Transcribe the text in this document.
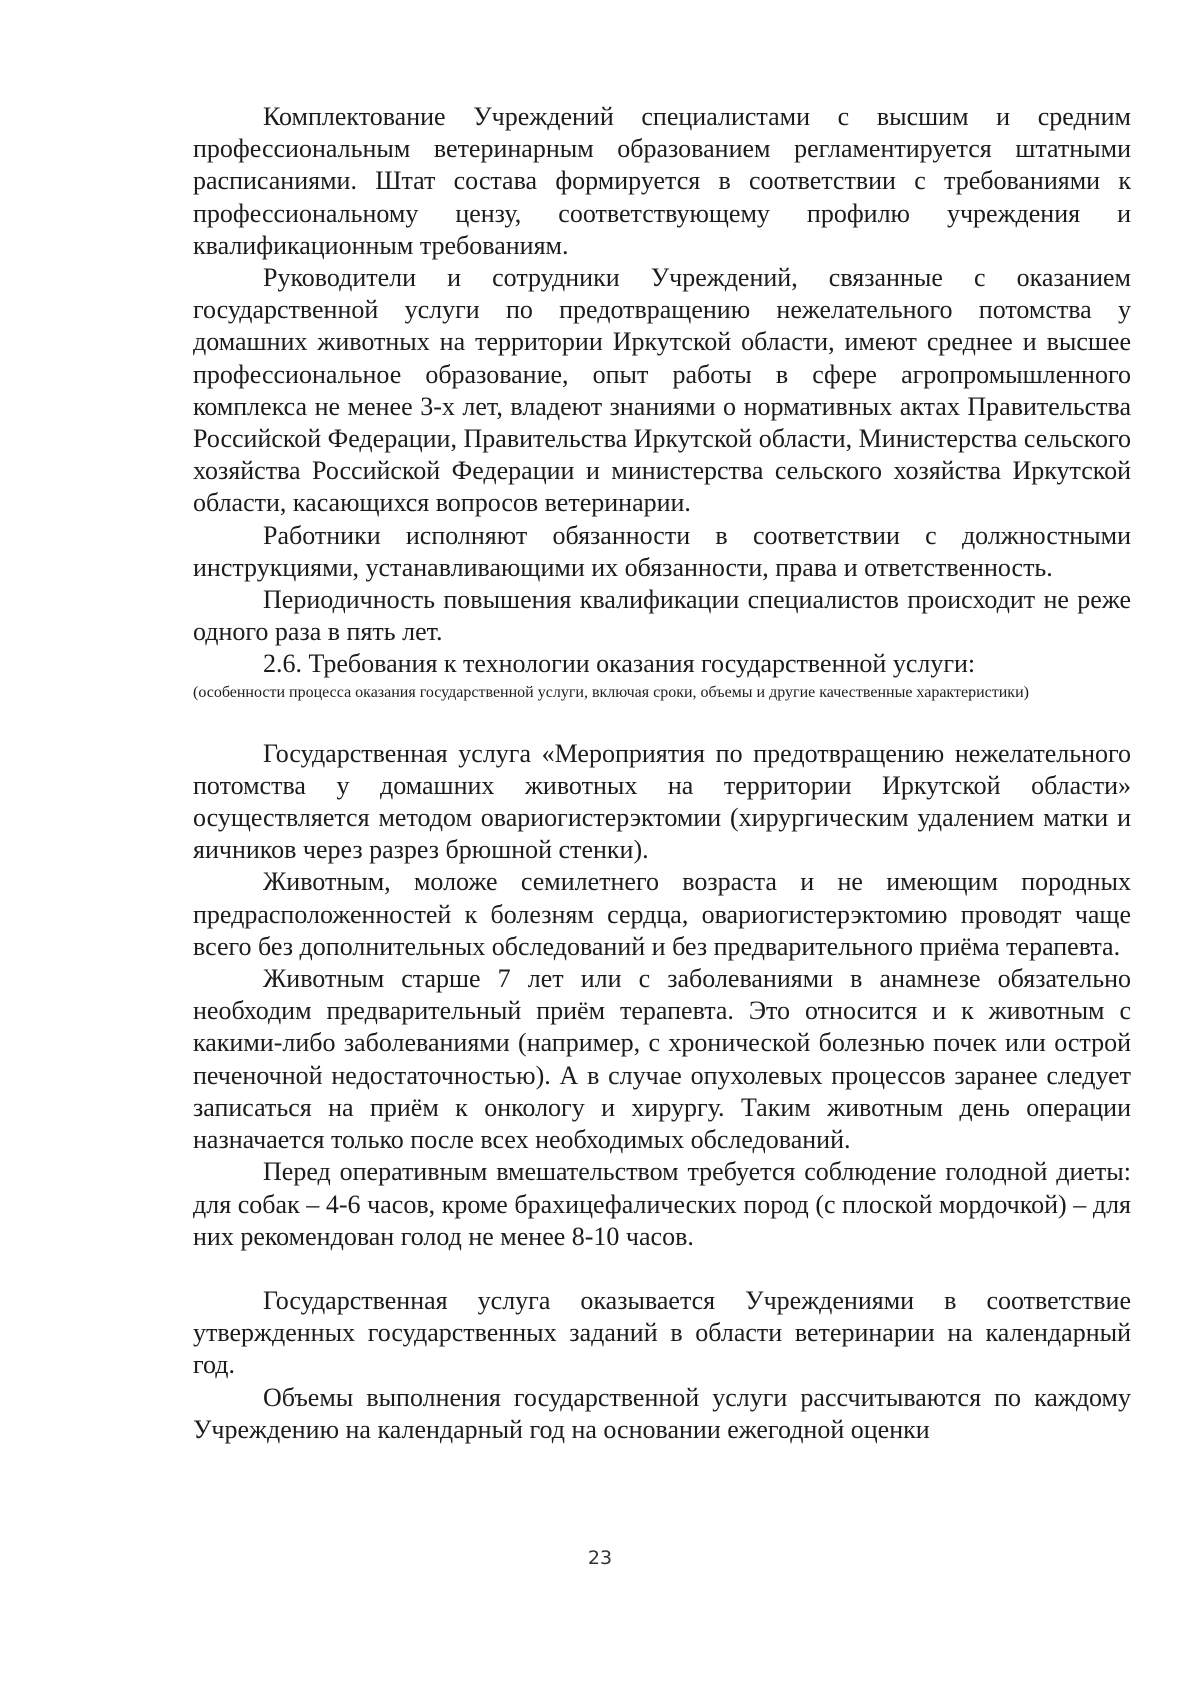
Комплектование Учреждений специалистами с высшим и средним профессиональным ветеринарным образованием регламентируется штатными расписаниями. Штат состава формируется в соответствии с требованиями к профессиональному цензу, соответствующему профилю учреждения и квалификационным требованиям.

Руководители и сотрудники Учреждений, связанные с оказанием государственной услуги по предотвращению нежелательного потомства у домашних животных на территории Иркутской области, имеют среднее и высшее профессиональное образование, опыт работы в сфере агропромышленного комплекса не менее 3-х лет, владеют знаниями о нормативных актах Правительства Российской Федерации, Правительства Иркутской области, Министерства сельского хозяйства Российской Федерации и министерства сельского хозяйства Иркутской области, касающихся вопросов ветеринарии.

Работники исполняют обязанности в соответствии с должностными инструкциями, устанавливающими их обязанности, права и ответственность.

Периодичность повышения квалификации специалистов происходит не реже одного раза в пять лет.

2.6. Требования к технологии оказания государственной услуги:

(особенности процесса оказания государственной услуги, включая сроки, объемы и другие качественные характеристики)

Государственная услуга «Мероприятия по предотвращению нежелательного потомства у домашних животных на территории Иркутской области» осуществляется методом овариогистерэктомии (хирургическим удалением матки и яичников через разрез брюшной стенки).

Животным, моложе семилетнего возраста и не имеющим породных предрасположенностей к болезням сердца, овариогистерэктомию проводят чаще всего без дополнительных обследований и без предварительного приёма терапевта.

Животным старше 7 лет или с заболеваниями в анамнезе обязательно необходим предварительный приём терапевта. Это относится и к животным с какими-либо заболеваниями (например, с хронической болезнью почек или острой печеночной недостаточностью). А в случае опухолевых процессов заранее следует записаться на приём к онкологу и хирургу. Таким животным день операции назначается только после всех необходимых обследований.

Перед оперативным вмешательством требуется соблюдение голодной диеты: для собак – 4-6 часов, кроме брахицефалических пород (с плоской мордочкой) – для них рекомендован голод не менее 8-10 часов.

Государственная услуга оказывается Учреждениями в соответствие утвержденных государственных заданий в области ветеринарии на календарный год.

Объемы выполнения государственной услуги рассчитываются по каждому Учреждению на календарный год на основании ежегодной оценки

23
